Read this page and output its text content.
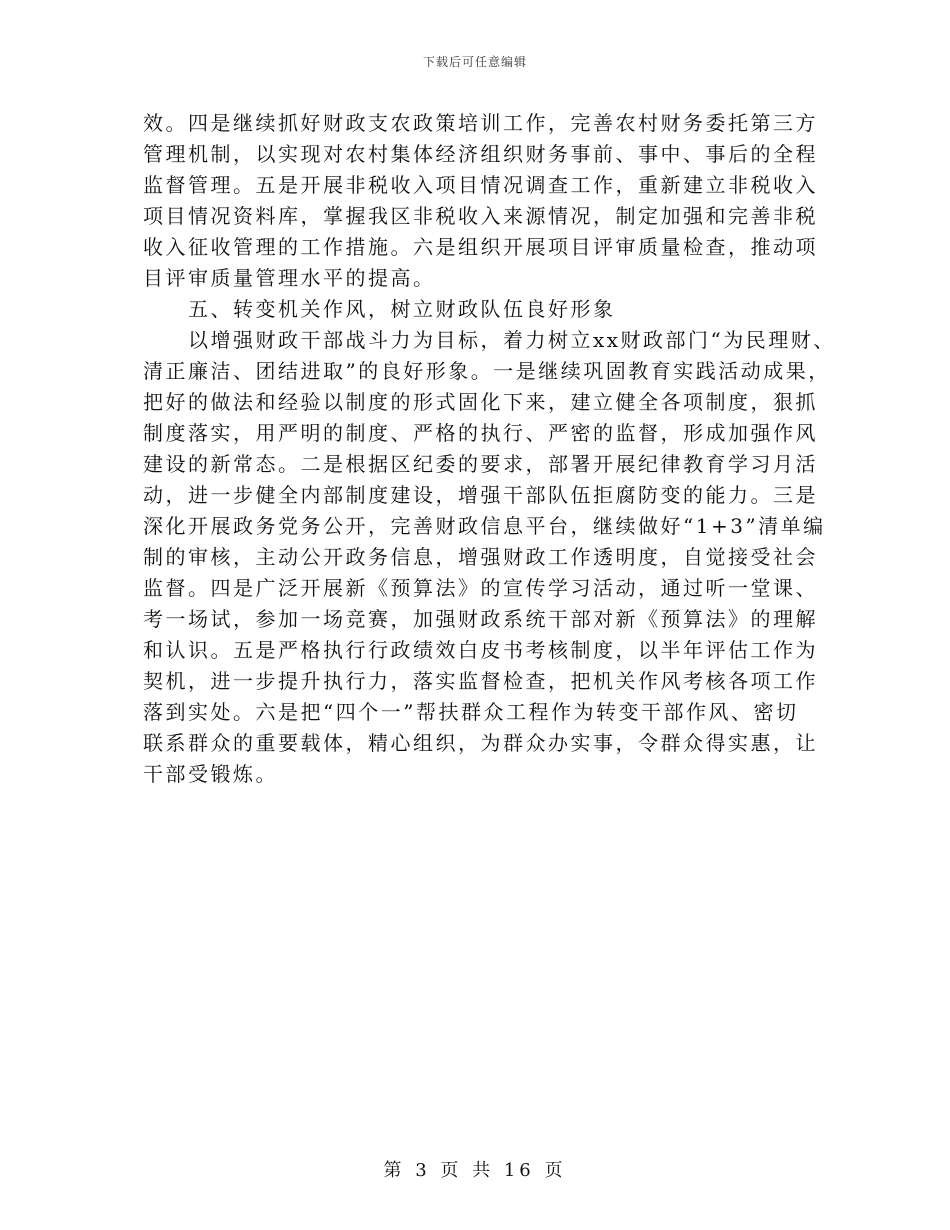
下载后可任意编辑
效。四是继续抓好财政支农政策培训工作，完善农村财务委托第三方
管理机制，以实现对农村集体经济组织财务事前、事中、事后的全程
监督管理。五是开展非税收入项目情况调查工作，重新建立非税收入
项目情况资料库，掌握我区非税收入来源情况，制定加强和完善非税
收入征收管理的工作措施。六是组织开展项目评审质量检查，推动项
目评审质量管理水平的提高。
五、转变机关作风，树立财政队伍良好形象
以增强财政干部战斗力为目标，着力树立xx财政部门“为民理财、
清正廉洁、团结进取”的良好形象。一是继续巩固教育实践活动成果，
把好的做法和经验以制度的形式固化下来，建立健全各项制度，狠抓
制度落实，用严明的制度、严格的执行、严密的监督，形成加强作风
建设的新常态。二是根据区纪委的要求，部署开展纪律教育学习月活
动，进一步健全内部制度建设，增强干部队伍拒腐防变的能力。三是
深化开展政务党务公开，完善财政信息平台，继续做好“1+3”清单编
制的审核，主动公开政务信息，增强财政工作透明度，自觉接受社会
监督。四是广泛开展新《预算法》的宣传学习活动，通过听一堂课、
考一场试，参加一场竞赛，加强财政系统干部对新《预算法》的理解
和认识。五是严格执行行政绩效白皮书考核制度，以半年评估工作为
契机，进一步提升执行力，落实监督检查，把机关作风考核各项工作
落到实处。六是把“四个一”帮扶群众工程作为转变干部作风、密切
联系群众的重要载体，精心组织，为群众办实事，令群众得实惠，让
干部受锻炼。
第 3 页 共 16 页
